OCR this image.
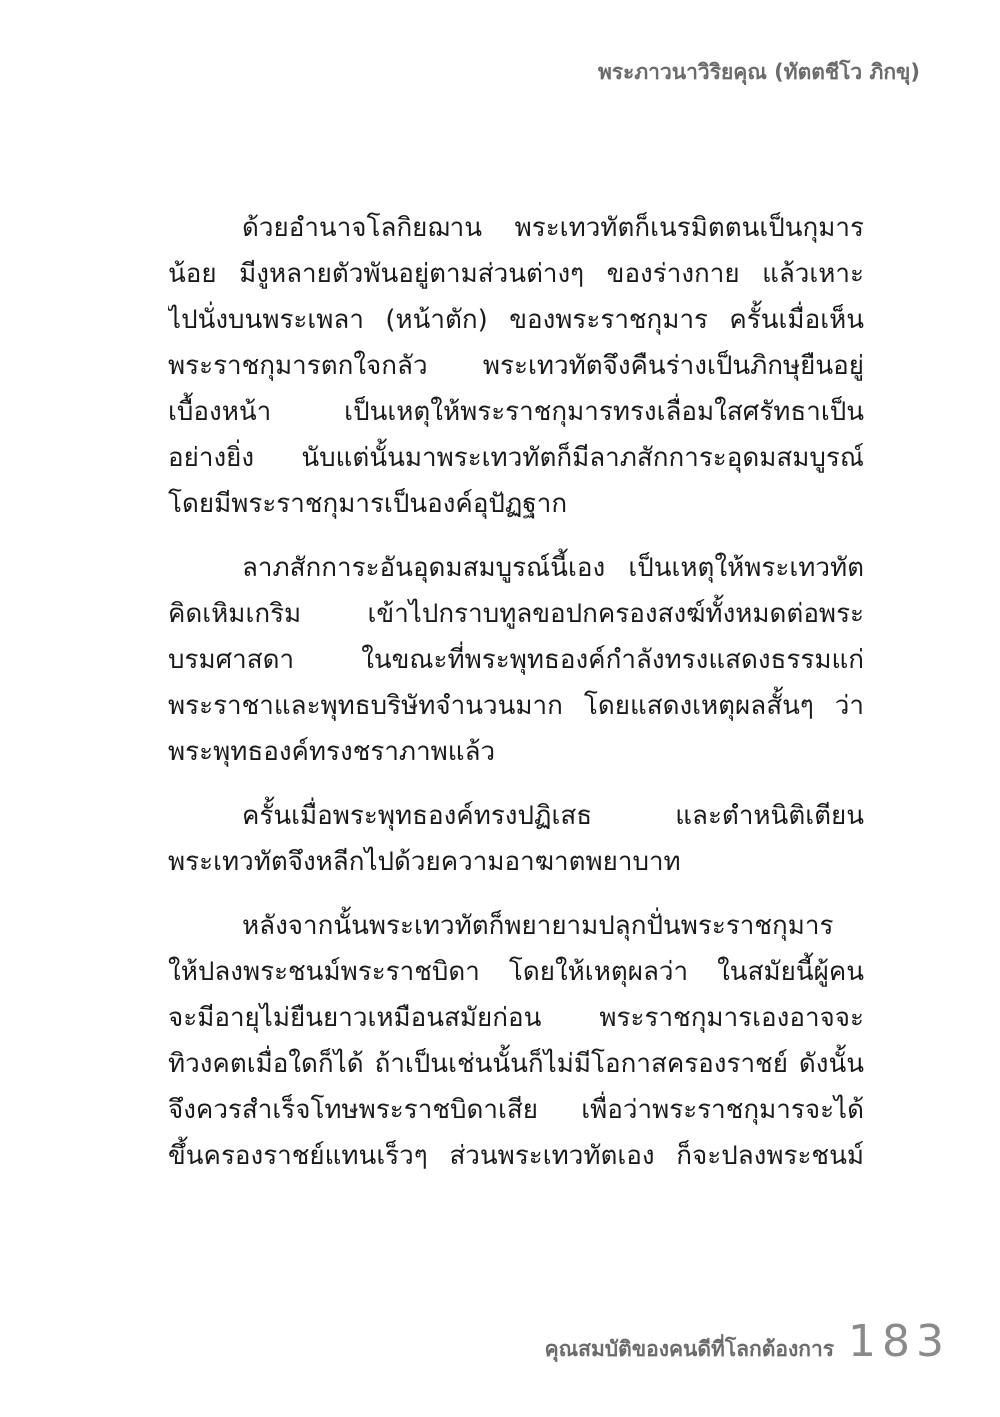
พระภาวนาวิริยคุณ (ทัตตชีโว ภิกขุ)
ด้วยอำนาจโลกิยฌาน พระเทวทัตก็เนรมิตตนเป็นกุมาร
น้อย มีงูหลายตัวพันอยู่ตามส่วนต่างๆ ของร่างกาย แล้วเหาะ
ไปนั่งบนพระเพลา (หน้าตัก) ของพระราชกุมาร ครั้นเมื่อเห็น
พระราชกุมารตกใจกลัว พระเทวทัตจึงคืนร่างเป็นภิกษุยืนอยู่
เบื้องหน้า เป็นเหตุให้พระราชกุมารทรงเลื่อมใสศรัทธาเป็น
อย่างยิ่ง นับแต่นั้นมาพระเทวทัตก็มีลาภสักการะอุดมสมบูรณ์
โดยมีพระราชกุมารเป็นองค์อุปัฏฐาก
ลาภสักการะอันอุดมสมบูรณ์นี้เอง เป็นเหตุให้พระเทวทัต
คิดเหิมเกริม เข้าไปกราบทูลขอปกครองสงฆ์ทั้งหมดต่อพระ
บรมศาสดา ในขณะที่พระพุทธองค์กำลังทรงแสดงธรรมแก่
พระราชาและพุทธบริษัทจำนวนมาก โดยแสดงเหตุผลสั้นๆ ว่า
พระพุทธองค์ทรงชราภาพแล้ว
ครั้นเมื่อพระพุทธองค์ทรงปฏิเสธ และตำหนิติเตียน
พระเทวทัตจึงหลีกไปด้วยความอาฆาตพยาบาท
หลังจากนั้นพระเทวทัตก็พยายามปลุกปั่นพระราชกุมาร
ให้ปลงพระชนม์พระราชบิดา โดยให้เหตุผลว่า ในสมัยนี้ผู้คน
จะมีอายุไม่ยืนยาวเหมือนสมัยก่อน พระราชกุมารเองอาจจะ
ทิวงคตเมื่อใดก็ได้ ถ้าเป็นเช่นนั้นก็ไม่มีโอกาสครองราชย์ ดังนั้น
จึงควรสำเร็จโทษพระราชบิดาเสีย เพื่อว่าพระราชกุมารจะได้
ขึ้นครองราชย์แทนเร็วๆ ส่วนพระเทวทัตเอง ก็จะปลงพระชนม์
คุณสมบัติของคนดีที่โลกต้องการ 183
